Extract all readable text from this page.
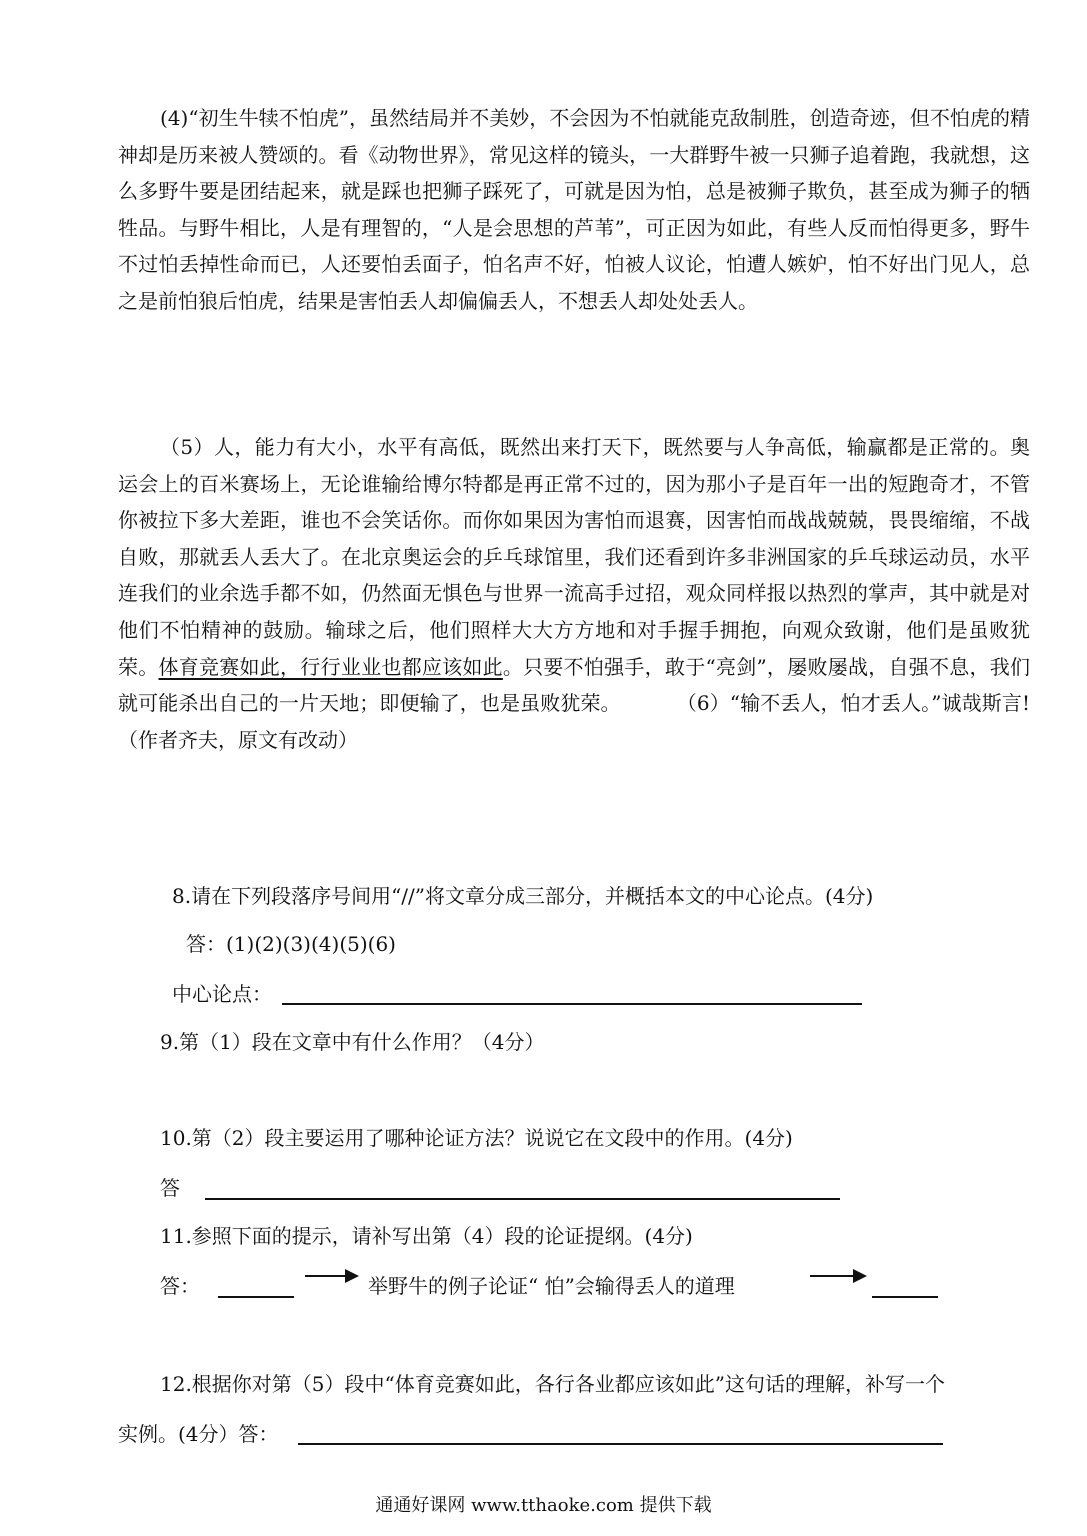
(4)“初生牛犊不怕虎”，虽然结局并不美妙，不会因为不怕就能克敌制胜，创造奇迹，但不怕虎的精神却是历来被人赞颂的。看《动物世界》，常见这样的镜头，一大群野牛被一只狮子追着跑，我就想，这么多野牛要是团结起来，就是踩也把狮子踩死了，可就是因为怕，总是被狮子欺负，甚至成为狮子的牺牲品。与野牛相比，人是有理智的，“人是会思想的芦苇”，可正因为如此，有些人反而怕得更多，野牛不过怕丢掉性命而已，人还要怕丢面子，怕名声不好，怕被人议论，怕遭人嫉妒，怕不好出门见人，总之是前怕狼后怕虎，结果是害怕丢人却偏偏丢人，不想丢人却处处丢人。

（5）人，能力有大小，水平有高低，既然出来打天下，既然要与人争高低，输赢都是正常的。奥运会上的百米赛场上，无论谁输给博尔特都是再正常不过的，因为那小子是百年一出的短跑奇才，不管你被拉下多大差距，谁也不会笑话你。而你如果因为害怕而退赛，因害怕而战战兢兢，畏畏缩缩，不战自败，那就丢人丢大了。在北京奥运会的乒乓球馆里，我们还看到许多非洲国家的乒乓球运动员，水平连我们的业余选手都不如，仍然面无惧色与世界一流高手过招，观众同样报以热烈的掌声，其中就是对他们不怕精神的鼓励。输球之后，他们照样大大方方地和对手握手拥抱，向观众致谢，他们是虽败犹荣。体育竞赛如此，行行业业也都应该如此。只要不怕强手，敢于“亮剑”，屡败屡战，自强不息，我们就可能杀出自己的一片天地；即便输了，也是虽败犹荣。	（6）“输不丢人，怕才丢人。”诚哉斯言!（作者齐夫，原文有改动）

8.请在下列段落序号间用“//”将文章分成三部分，并概括本文的中心论点。(4分)
答：(1)(2)(3)(4)(5)(6)
中心论点：
9.第（1）段在文章中有什么作用？（4分）
10.第（2）段主要运用了哪种论证方法？说说它在文段中的作用。(4分)
答
11.参照下面的提示，请补写出第（4）段的论证提纲。(4分)
答：	举野牛的例子论证“ 怕”会输得丢人的道理
12.根据你对第（5）段中“体育竞赛如此，各行各业都应该如此”这句话的理解，补写一个
实例。(4分）答：
通通好课网 www.tthaoke.com 提供下载
